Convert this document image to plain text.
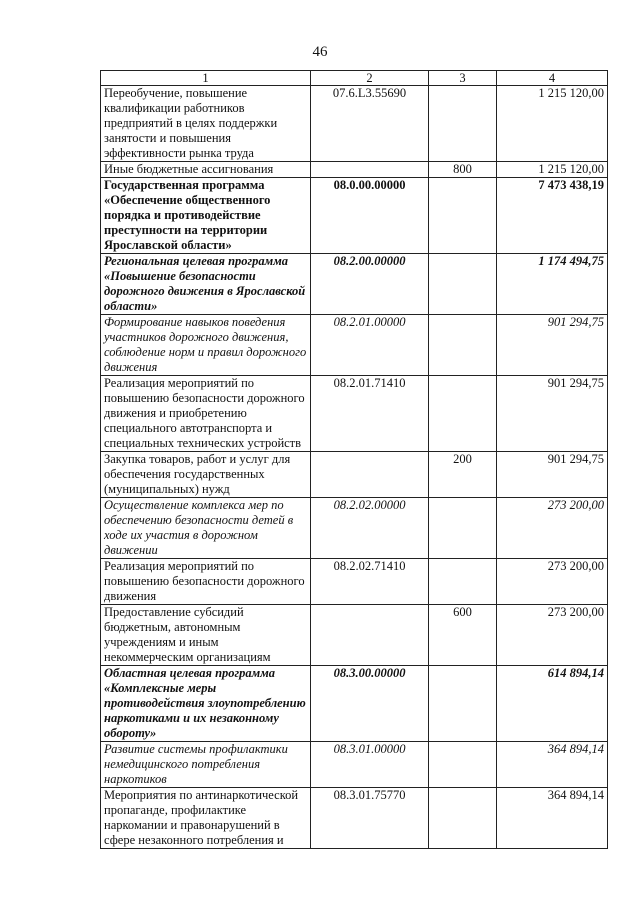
46
1	2	3	4
Переобучение, повышение квалификации работников предприятий в целях поддержки занятости и повышения эффективности рынка труда	07.6.L3.55690		1 215 120,00
Иные бюджетные ассигнования		800	1 215 120,00
Государственная программа «Обеспечение общественного порядка и противодействие преступности на территории Ярославской области»	08.0.00.00000		7 473 438,19
Региональная целевая программа «Повышение безопасности дорожного движения в Ярославской области»	08.2.00.00000		1 174 494,75
Формирование навыков поведения участников дорожного движения, соблюдение норм и правил дорожного движения	08.2.01.00000		901 294,75
Реализация мероприятий по повышению безопасности дорожного движения и приобретению специального автотранспорта и специальных технических устройств	08.2.01.71410		901 294,75
Закупка товаров, работ и услуг для обеспечения государственных (муниципальных) нужд		200	901 294,75
Осуществление комплекса мер по обеспечению безопасности детей в ходе их участия в дорожном движении	08.2.02.00000		273 200,00
Реализация мероприятий по повышению безопасности дорожного движения	08.2.02.71410		273 200,00
Предоставление субсидий бюджетным, автономным учреждениям и иным некоммерческим организациям		600	273 200,00
Областная целевая программа «Комплексные меры противодействия злоупотреблению наркотиками и их незаконному обороту»	08.3.00.00000		614 894,14
Развитие системы профилактики немедицинского потребления наркотиков	08.3.01.00000		364 894,14
Мероприятия по антинаркотической пропаганде, профилактике наркомании и правонарушений в сфере незаконного потребления и	08.3.01.75770		364 894,14
